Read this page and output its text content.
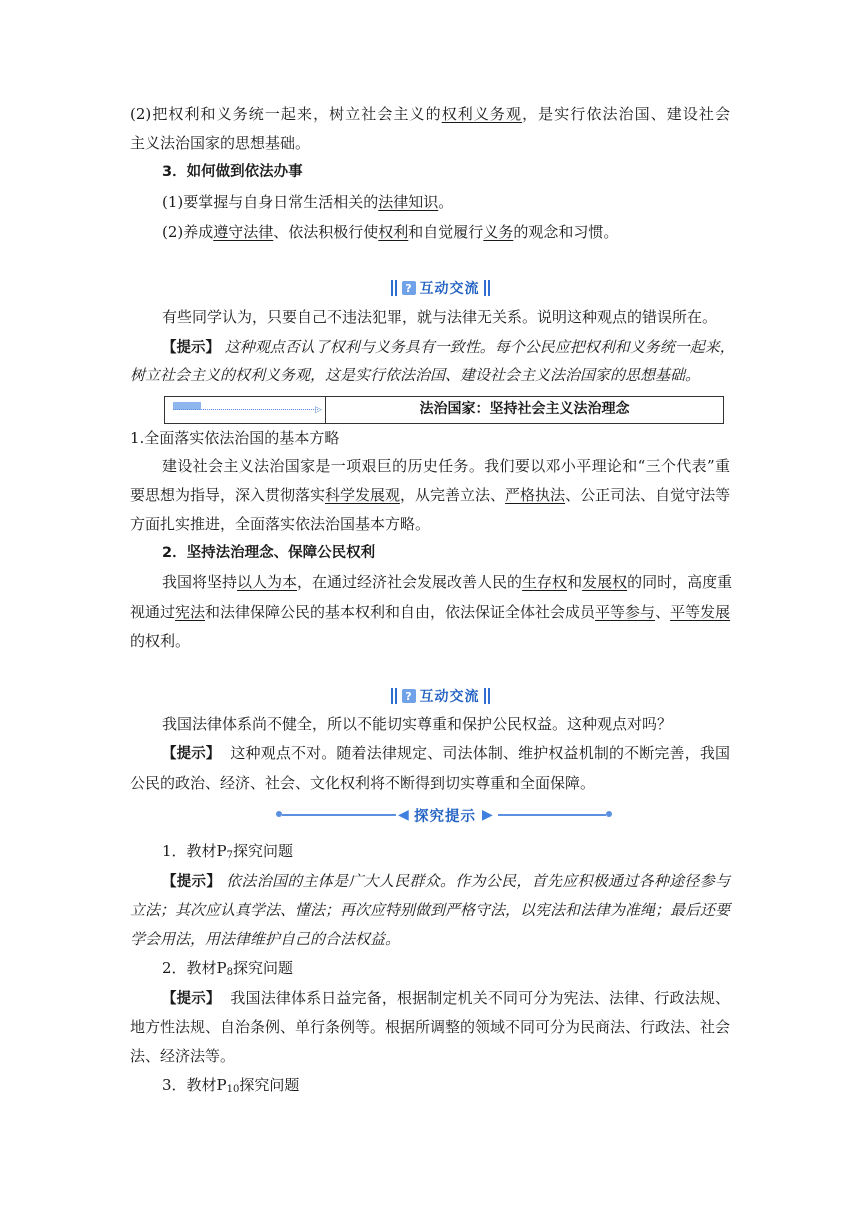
(2)把权利和义务统一起来，树立社会主义的权利义务观，是实行依法治国、建设社会
主义法治国家的思想基础。
3．如何做到依法办事
(1)要掌握与自身日常生活相关的法律知识。
(2)养成遵守法律、依法积极行使权利和自觉履行义务的观念和习惯。
? 互动交流
有些同学认为，只要自己不违法犯罪，就与法律无关系。说明这种观点的错误所在。
【提示】 这种观点否认了权利与义务具有一致性。每个公民应把权利和义务统一起来，
树立社会主义的权利义务观，这是实行依法治国、建设社会主义法治国家的思想基础。
▷	法治国家：坚持社会主义法治理念
1.全面落实依法治国的基本方略
建设社会主义法治国家是一项艰巨的历史任务。我们要以邓小平理论和“三个代表”重
要思想为指导，深入贯彻落实科学发展观，从完善立法、严格执法、公正司法、自觉守法等
方面扎实推进，全面落实依法治国基本方略。
2．坚持法治理念、保障公民权利
我国将坚持以人为本，在通过经济社会发展改善人民的生存权和发展权的同时，高度重
视通过宪法和法律保障公民的基本权利和自由，依法保证全体社会成员平等参与、平等发展
的权利。
? 互动交流
我国法律体系尚不健全，所以不能切实尊重和保护公民权益。这种观点对吗？
【提示】 这种观点不对。随着法律规定、司法体制、维护权益机制的不断完善，我国
公民的政治、经济、社会、文化权利将不断得到切实尊重和全面保障。
◀ 探究提示 ▶
1．教材$P_7$探究问题
【提示】 依法治国的主体是广大人民群众。作为公民，首先应积极通过各种途径参与
立法；其次应认真学法、懂法；再次应特别做到严格守法，以宪法和法律为准绳；最后还要
学会用法，用法律维护自己的合法权益。
2．教材$P_8$探究问题
【提示】 我国法律体系日益完备，根据制定机关不同可分为宪法、法律、行政法规、
地方性法规、自治条例、单行条例等。根据所调整的领域不同可分为民商法、行政法、社会
法、经济法等。
3．教材$P_{10}$探究问题
